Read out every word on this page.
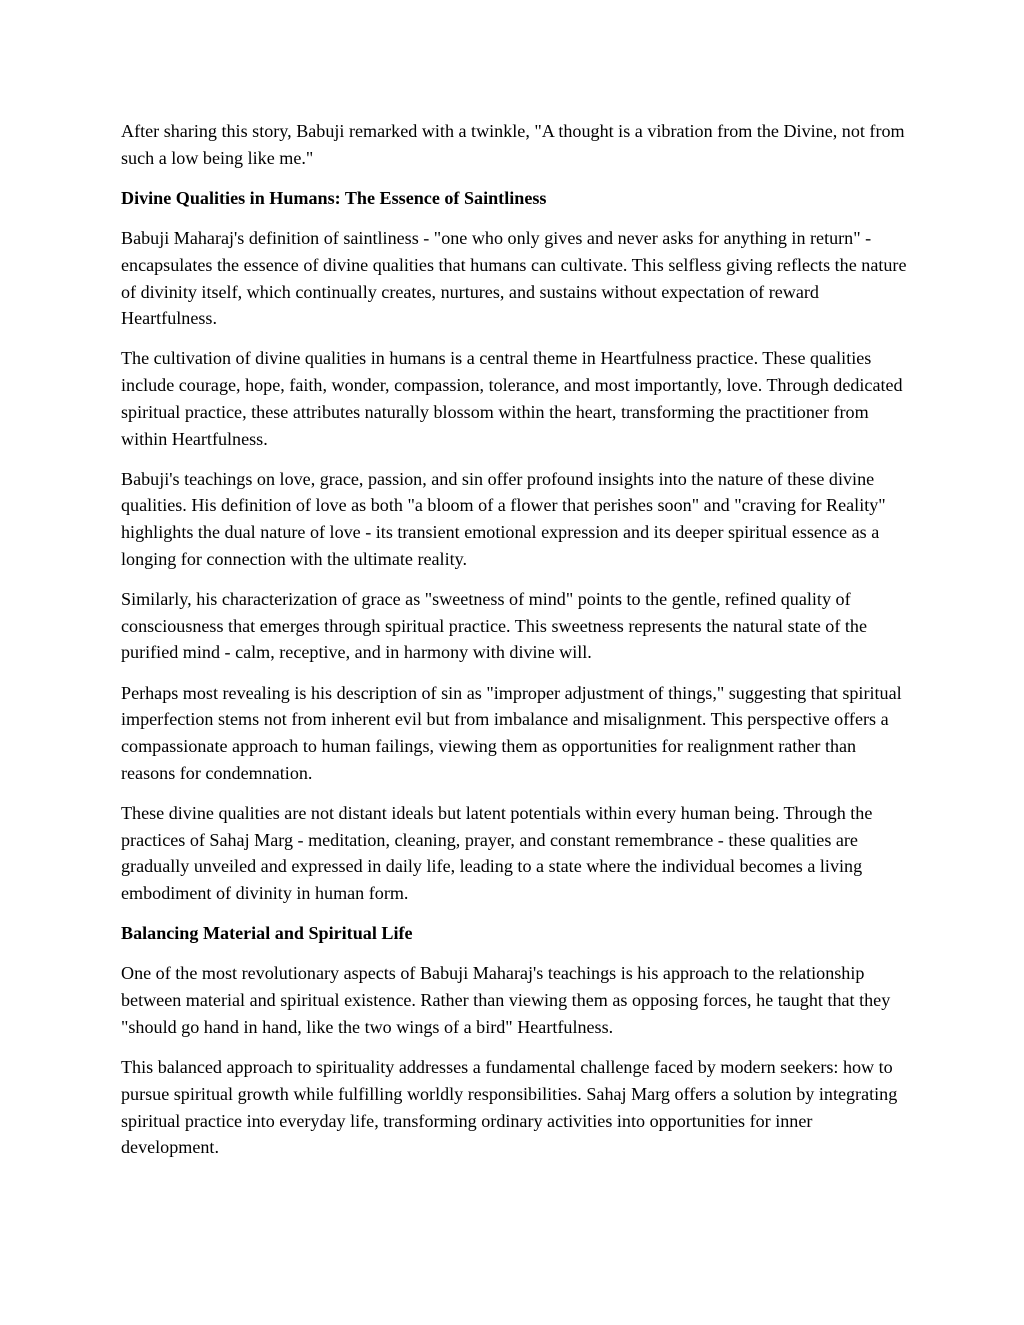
After sharing this story, Babuji remarked with a twinkle, "A thought is a vibration from the Divine, not from such a low being like me."

Divine Qualities in Humans: The Essence of Saintliness

Babuji Maharaj's definition of saintliness - "one who only gives and never asks for anything in return" - encapsulates the essence of divine qualities that humans can cultivate. This selfless giving reflects the nature of divinity itself, which continually creates, nurtures, and sustains without expectation of reward Heartfulness.

The cultivation of divine qualities in humans is a central theme in Heartfulness practice. These qualities include courage, hope, faith, wonder, compassion, tolerance, and most importantly, love. Through dedicated spiritual practice, these attributes naturally blossom within the heart, transforming the practitioner from within Heartfulness.

Babuji's teachings on love, grace, passion, and sin offer profound insights into the nature of these divine qualities. His definition of love as both "a bloom of a flower that perishes soon" and "craving for Reality" highlights the dual nature of love - its transient emotional expression and its deeper spiritual essence as a longing for connection with the ultimate reality.

Similarly, his characterization of grace as "sweetness of mind" points to the gentle, refined quality of consciousness that emerges through spiritual practice. This sweetness represents the natural state of the purified mind - calm, receptive, and in harmony with divine will.

Perhaps most revealing is his description of sin as "improper adjustment of things," suggesting that spiritual imperfection stems not from inherent evil but from imbalance and misalignment. This perspective offers a compassionate approach to human failings, viewing them as opportunities for realignment rather than reasons for condemnation.

These divine qualities are not distant ideals but latent potentials within every human being. Through the practices of Sahaj Marg - meditation, cleaning, prayer, and constant remembrance - these qualities are gradually unveiled and expressed in daily life, leading to a state where the individual becomes a living embodiment of divinity in human form.

Balancing Material and Spiritual Life

One of the most revolutionary aspects of Babuji Maharaj's teachings is his approach to the relationship between material and spiritual existence. Rather than viewing them as opposing forces, he taught that they "should go hand in hand, like the two wings of a bird" Heartfulness.

This balanced approach to spirituality addresses a fundamental challenge faced by modern seekers: how to pursue spiritual growth while fulfilling worldly responsibilities. Sahaj Marg offers a solution by integrating spiritual practice into everyday life, transforming ordinary activities into opportunities for inner development.
